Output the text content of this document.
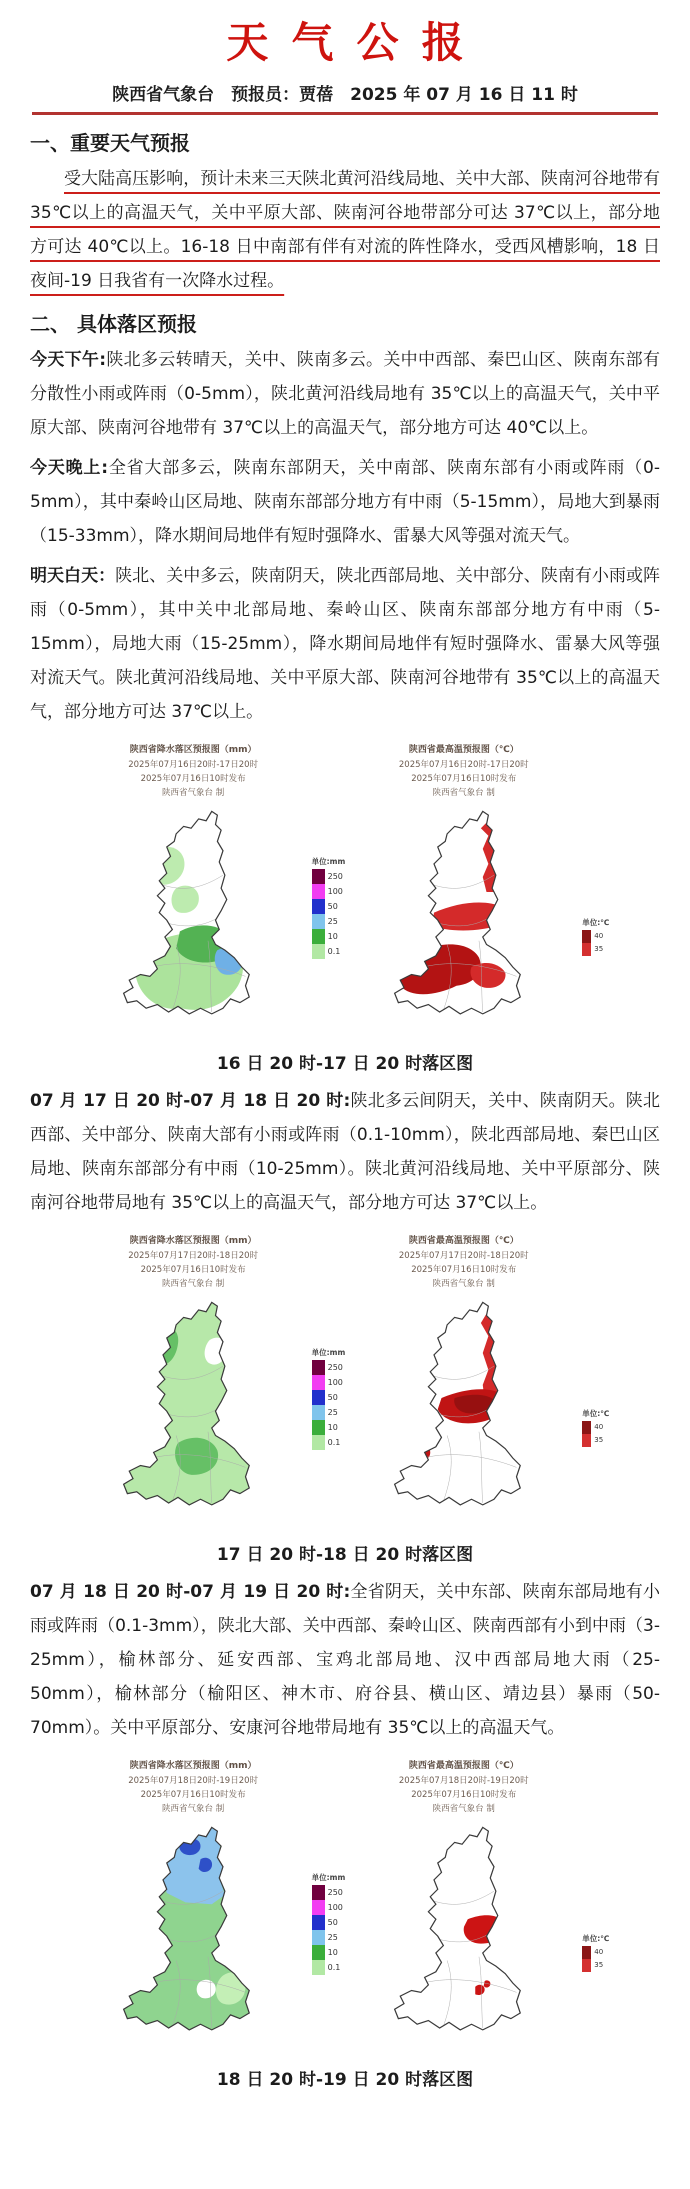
天气公报
陕西省气象台　预报员：贾蓓　2025 年 07 月 16 日 11 时
一、重要天气预报

受大陆高压影响，预计未来三天陕北黄河沿线局地、关中大部、陕南河谷地带有 35℃以上的高温天气，关中平原大部、陕南河谷地带部分可达 37℃以上，部分地方可达 40℃以上。16-18 日中南部有伴有对流的阵性降水，受西风槽影响，18 日夜间-19 日我省有一次降水过程。

二、 具体落区预报

今天下午:陕北多云转晴天，关中、陕南多云。关中中西部、秦巴山区、陕南东部有分散性小雨或阵雨（0-5mm），陕北黄河沿线局地有 35℃以上的高温天气，关中平原大部、陕南河谷地带有 37℃以上的高温天气，部分地方可达 40℃以上。

今天晚上:全省大部多云，陕南东部阴天，关中南部、陕南东部有小雨或阵雨（0-5mm），其中秦岭山区局地、陕南东部部分地方有中雨（5-15mm），局地大到暴雨（15-33mm），降水期间局地伴有短时强降水、雷暴大风等强对流天气。

明天白天：陕北、关中多云，陕南阴天，陕北西部局地、关中部分、陕南有小雨或阵雨（0-5mm），其中关中北部局地、秦岭山区、陕南东部部分地方有中雨（5-15mm），局地大雨（15-25mm），降水期间局地伴有短时强降水、雷暴大风等强对流天气。陕北黄河沿线局地、关中平原大部、陕南河谷地带有 35℃以上的高温天气，部分地方可达 37℃以上。

陕西省降水落区预报图（mm）
2025年07月16日20时-17日20时
2025年07月16日10时发布
陕西省气象台 制
单位:mm
250
100
50
25
10
0.1
陕西省最高温预报图（℃）
2025年07月16日20时-17日20时
2025年07月16日10时发布
陕西省气象台 制
单位:℃
40
35
16 日 20 时-17 日 20 时落区图

07 月 17 日 20 时-07 月 18 日 20 时:陕北多云间阴天，关中、陕南阴天。陕北西部、关中部分、陕南大部有小雨或阵雨（0.1-10mm），陕北西部局地、秦巴山区局地、陕南东部部分有中雨（10-25mm）。陕北黄河沿线局地、关中平原部分、陕南河谷地带局地有 35℃以上的高温天气，部分地方可达 37℃以上。

陕西省降水落区预报图（mm）
2025年07月17日20时-18日20时
2025年07月16日10时发布
陕西省气象台 制
单位:mm
250
100
50
25
10
0.1
陕西省最高温预报图（℃）
2025年07月17日20时-18日20时
2025年07月16日10时发布
陕西省气象台 制
单位:℃
40
35
17 日 20 时-18 日 20 时落区图

07 月 18 日 20 时-07 月 19 日 20 时:全省阴天，关中东部、陕南东部局地有小雨或阵雨（0.1-3mm），陕北大部、关中西部、秦岭山区、陕南西部有小到中雨（3-25mm），榆林部分、延安西部、宝鸡北部局地、汉中西部局地大雨（25-50mm），榆林部分（榆阳区、神木市、府谷县、横山区、靖边县）暴雨（50-70mm）。关中平原部分、安康河谷地带局地有 35℃以上的高温天气。

陕西省降水落区预报图（mm）
2025年07月18日20时-19日20时
2025年07月16日10时发布
陕西省气象台 制
单位:mm
250
100
50
25
10
0.1
陕西省最高温预报图（℃）
2025年07月18日20时-19日20时
2025年07月16日10时发布
陕西省气象台 制
单位:℃
40
35
18 日 20 时-19 日 20 时落区图
